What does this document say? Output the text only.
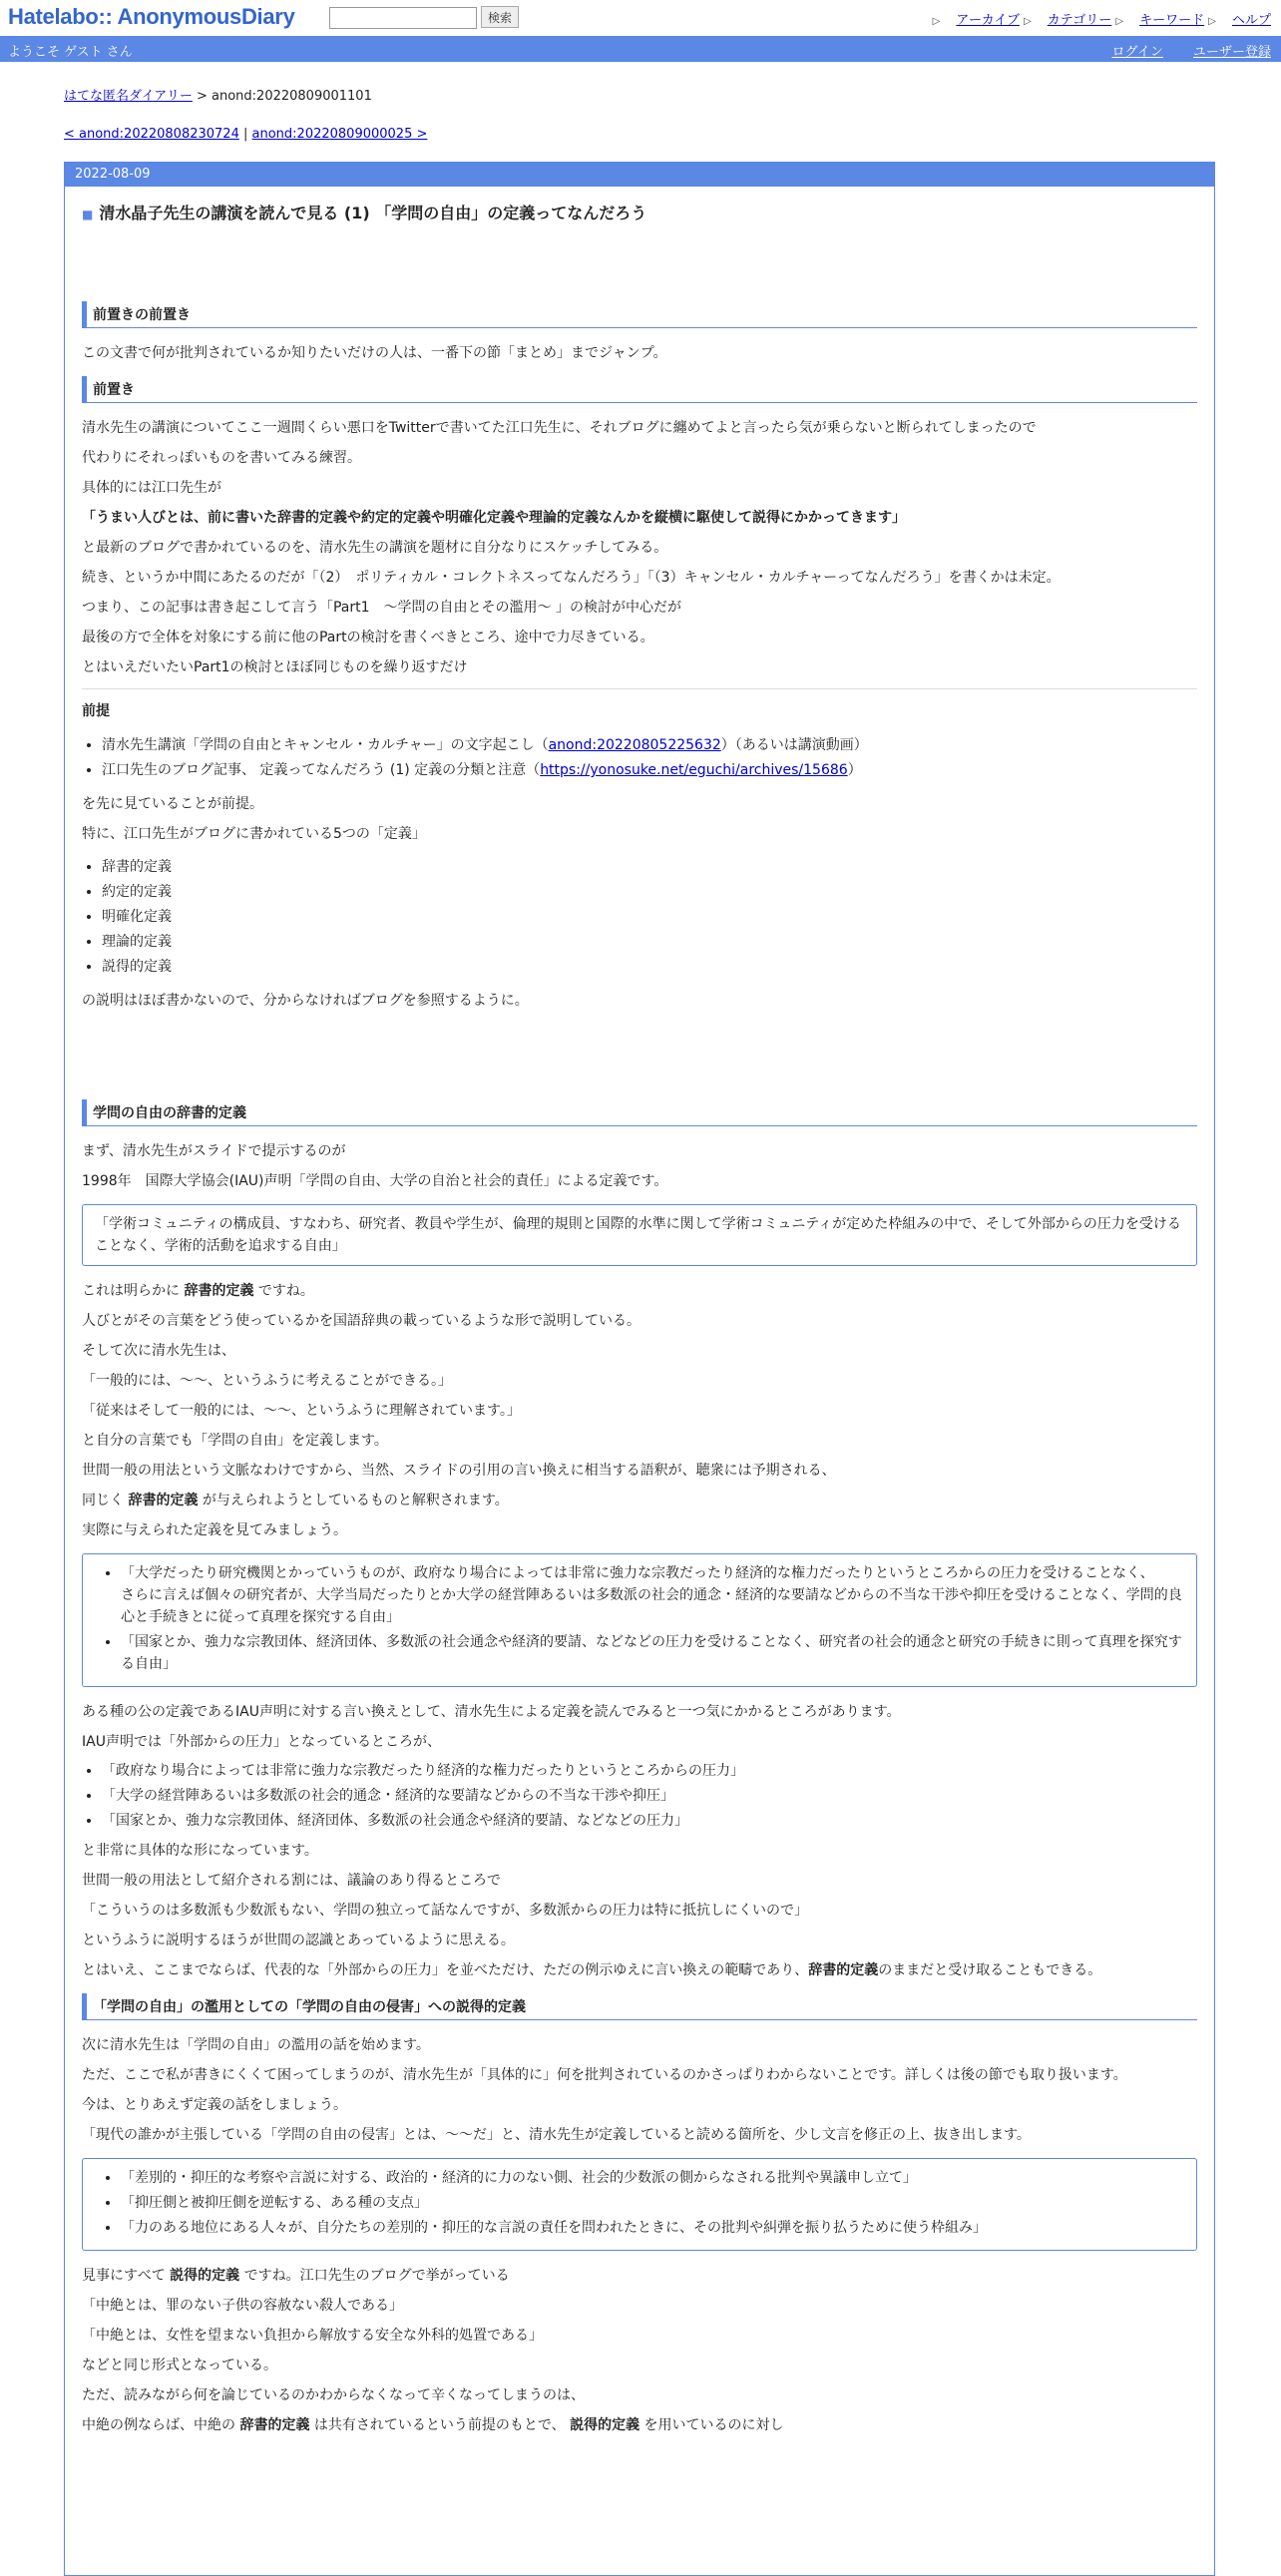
Hatelabo:: AnonymousDiary	検索	▷ アーカイブ ▷ カテゴリー ▷ キーワード ▷ ヘルプ
ようこそ ゲスト さん	ログイン ユーザー登録
はてな匿名ダイアリー > anond:20220809001101
< anond:20220808230724 | anond:20220809000025 >
2022-08-09
■ 清水晶子先生の講演を読んで見る (1) 「学問の自由」の定義ってなんだろう
前置きの前置き

この文書で何が批判されているか知りたいだけの人は、一番下の節「まとめ」までジャンプ。

前置き

清水先生の講演についてここ一週間くらい悪口をTwitterで書いてた江口先生に、それブログに纏めてよと言ったら気が乗らないと断られてしまったので

代わりにそれっぽいものを書いてみる練習。

具体的には江口先生が

「うまい人びとは、前に書いた辞書的定義や約定的定義や明確化定義や理論的定義なんかを縦横に駆使して説得にかかってきます」

と最新のブログで書かれているのを、清水先生の講演を題材に自分なりにスケッチしてみる。

続き、というか中間にあたるのだが「（2）　ポリティカル・コレクトネスってなんだろう」「（3）キャンセル・カルチャーってなんだろう」を書くかは未定。

つまり、この記事は書き起こして言う「Part1　〜学問の自由とその濫用〜 」の検討が中心だが

最後の方で全体を対象にする前に他のPartの検討を書くべきところ、途中で力尽きている。

とはいえだいたいPart1の検討とほぼ同じものを繰り返すだけ

前提
• 清水先生講演「学問の自由とキャンセル・カルチャー」の文字起こし（anond:20220805225632）（あるいは講演動画）
• 江口先生のブログ記事、 定義ってなんだろう (1) 定義の分類と注意（https://yonosuke.net/eguchi/archives/15686）

を先に見ていることが前提。

特に、江口先生がブログに書かれている5つの「定義」

• 辞書的定義
• 約定的定義
• 明確化定義
• 理論的定義
• 説得的定義

の説明はほぼ書かないので、分からなければブログを参照するように。

学問の自由の辞書的定義

まず、清水先生がスライドで提示するのが

1998年　国際大学協会(IAU)声明「学問の自由、大学の自治と社会的責任」による定義です。

「学術コミュニティの構成員、すなわち、研究者、教員や学生が、倫理的規則と国際的水準に関して学術コミュニティが定めた枠組みの中で、そして外部からの圧力を受けることなく、学術的活動を追求する自由」

これは明らかに 辞書的定義 ですね。

人びとがその言葉をどう使っているかを国語辞典の載っているような形で説明している。

そして次に清水先生は、

「一般的には、〜〜、というふうに考えることができる。」

「従来はそして一般的には、〜〜、というふうに理解されています。」

と自分の言葉でも「学問の自由」を定義します。

世間一般の用法という文脈なわけですから、当然、スライドの引用の言い換えに相当する語釈が、聴衆には予期される、

同じく 辞書的定義 が与えられようとしているものと解釈されます。

実際に与えられた定義を見てみましょう。

• 「大学だったり研究機関とかっていうものが、政府なり場合によっては非常に強力な宗教だったり経済的な権力だったりというところからの圧力を受けることなく、
さらに言えば個々の研究者が、大学当局だったりとか大学の経営陣あるいは多数派の社会的通念・経済的な要請などからの不当な干渉や抑圧を受けることなく、学問的良心と手続きとに従って真理を探究する自由」
• 「国家とか、強力な宗教団体、経済団体、多数派の社会通念や経済的要請、などなどの圧力を受けることなく、研究者の社会的通念と研究の手続きに則って真理を探究する自由」

ある種の公の定義であるIAU声明に対する言い換えとして、清水先生による定義を読んでみると一つ気にかかるところがあります。

IAU声明では「外部からの圧力」となっているところが、

• 「政府なり場合によっては非常に強力な宗教だったり経済的な権力だったりというところからの圧力」
• 「大学の経営陣あるいは多数派の社会的通念・経済的な要請などからの不当な干渉や抑圧」
• 「国家とか、強力な宗教団体、経済団体、多数派の社会通念や経済的要請、などなどの圧力」

と非常に具体的な形になっています。

世間一般の用法として紹介される割には、議論のあり得るところで

「こういうのは多数派も少数派もない、学問の独立って話なんですが、多数派からの圧力は特に抵抗しにくいので」

というふうに説明するほうが世間の認識とあっているように思える。

とはいえ、ここまでならば、代表的な「外部からの圧力」を並べただけ、ただの例示ゆえに言い換えの範疇であり、辞書的定義のままだと受け取ることもできる。

「学問の自由」の濫用としての「学問の自由の侵害」への説得的定義

次に清水先生は「学問の自由」の濫用の話を始めます。

ただ、ここで私が書きにくくて困ってしまうのが、清水先生が「具体的に」何を批判されているのかさっぱりわからないことです。詳しくは後の節でも取り扱います。

今は、とりあえず定義の話をしましょう。

「現代の誰かが主張している「学問の自由の侵害」とは、〜〜だ」と、清水先生が定義していると読める箇所を、少し文言を修正の上、抜き出します。

• 「差別的・抑圧的な考察や言説に対する、政治的・経済的に力のない側、社会的少数派の側からなされる批判や異議申し立て」
• 「抑圧側と被抑圧側を逆転する、ある種の支点」
• 「力のある地位にある人々が、自分たちの差別的・抑圧的な言説の責任を問われたときに、その批判や糾弾を振り払うために使う枠組み」

見事にすべて 説得的定義 ですね。江口先生のブログで挙がっている

「中絶とは、罪のない子供の容赦ない殺人である」

「中絶とは、女性を望まない負担から解放する安全な外科的処置である」

などと同じ形式となっている。

ただ、読みながら何を論じているのかわからなくなって辛くなってしまうのは、

中絶の例ならば、中絶の 辞書的定義 は共有されているという前提のもとで、 説得的定義 を用いているのに対し
